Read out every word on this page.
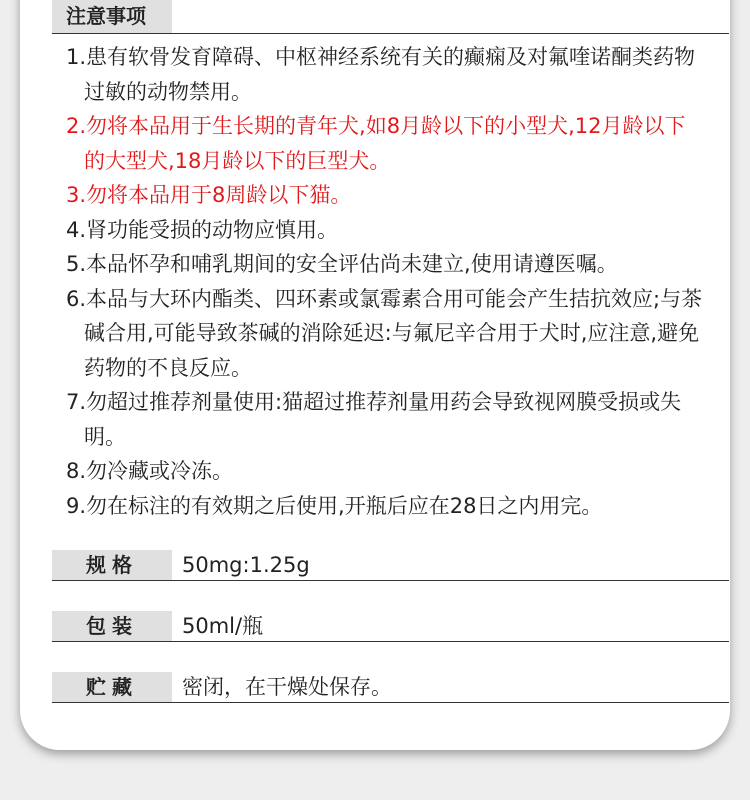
注意事项
1.患有软骨发育障碍、中枢神经系统有关的癫痫及对氟喹诺酮类药物过敏的动物禁用。
2.勿将本品用于生长期的青年犬,如8月龄以下的小型犬,12月龄以下的大型犬,18月龄以下的巨型犬。
3.勿将本品用于8周龄以下猫。
4.肾功能受损的动物应慎用。
5.本品怀孕和哺乳期间的安全评估尚未建立,使用请遵医嘱。
6.本品与大环内酯类、四环素或氯霉素合用可能会产生拮抗效应;与茶碱合用,可能导致茶碱的消除延迟:与氟尼辛合用于犬时,应注意,避免药物的不良反应。
7.勿超过推荐剂量使用:猫超过推荐剂量用药会导致视网膜受损或失明。
8.勿冷藏或冷冻。
9.勿在标注的有效期之后使用,开瓶后应在28日之内用完。
规格	50mg:1.25g
包装	50ml/瓶
贮藏	密闭，在干燥处保存。
